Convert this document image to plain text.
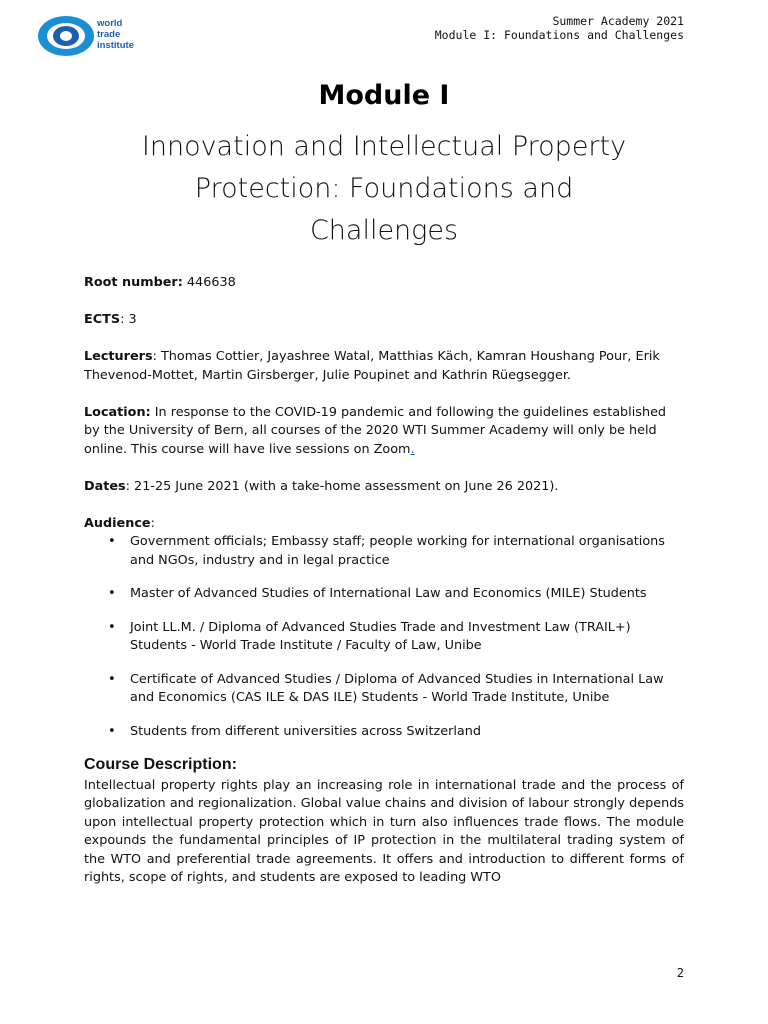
world
trade
institute
Summer Academy 2021
Module I: Foundations and Challenges
Module I
Innovation and Intellectual Property
Protection: Foundations and
Challenges

Root number: 446638

ECTS: 3

Lecturers: Thomas Cottier, Jayashree Watal, Matthias Käch, Kamran Houshang Pour, Erik Thevenod-Mottet, Martin Girsberger, Julie Poupinet and Kathrin Rüegsegger.

Location: In response to the COVID-19 pandemic and following the guidelines established by the University of Bern, all courses of the 2020 WTI Summer Academy will only be held online. This course will have live sessions on Zoom.

Dates: 21-25 June 2021 (with a take-home assessment on June 26 2021).

Audience:
• Government officials; Embassy staff; people working for international organisations and NGOs, industry and in legal practice
• Master of Advanced Studies of International Law and Economics (MILE) Students
• Joint LL.M. / Diploma of Advanced Studies Trade and Investment Law (TRAIL+) Students - World Trade Institute / Faculty of Law, Unibe
• Certificate of Advanced Studies / Diploma of Advanced Studies in International Law and Economics (CAS ILE & DAS ILE) Students - World Trade Institute, Unibe
• Students from different universities across Switzerland
Course Description:

Intellectual property rights play an increasing role in international trade and the process of globalization and regionalization. Global value chains and division of labour strongly depends upon intellectual property protection which in turn also influences trade flows. The module expounds the fundamental principles of IP protection in the multilateral trading system of the WTO and preferential trade agreements. It offers and introduction to different forms of rights, scope of rights, and students are exposed to leading WTO

2
